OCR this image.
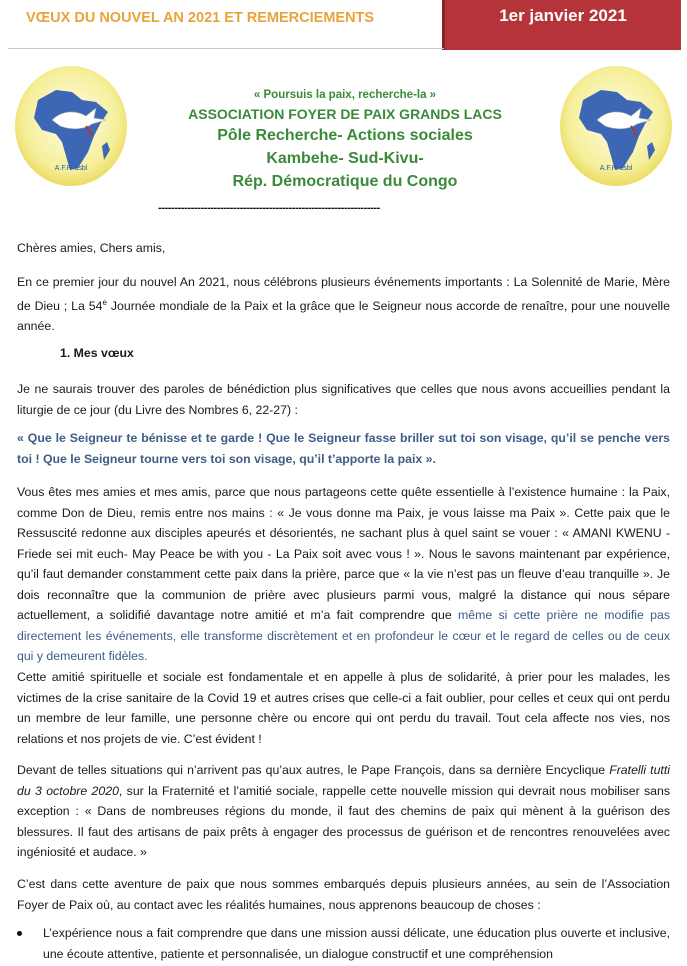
VŒUX DU NOUVEL AN 2021 ET REMERCIEMENTS	1er janvier 2021
A.F.P. asbl	A.F.P. asbl
« Poursuis la paix, recherche-la »
ASSOCIATION FOYER DE PAIX GRANDS LACS
Pôle Recherche- Actions sociales
Kambehe- Sud-Kivu-
Rép. Démocratique du Congo
--------------------------------------------------------------------
Chères amies, Chers amis,
En ce premier jour du nouvel An 2021, nous célébrons plusieurs événements importants : La Solennité de Marie, Mère de Dieu ; La 54e Journée mondiale de la Paix et la grâce que le Seigneur nous accorde de renaître, pour une nouvelle année.
1. Mes vœux
Je ne saurais trouver des paroles de bénédiction plus significatives que celles que nous avons accueillies pendant la liturgie de ce jour (du Livre des Nombres 6, 22-27) :
« Que le Seigneur te bénisse et te garde ! Que le Seigneur fasse briller sut toi son visage, qu’il se penche vers toi ! Que le Seigneur tourne vers toi son visage, qu’il t’apporte la paix ».
Vous êtes mes amies et mes amis, parce que nous partageons cette quête essentielle à l’existence humaine : la Paix, comme Don de Dieu, remis entre nos mains : « Je vous donne ma Paix, je vous laisse ma Paix ». Cette paix que le Ressuscité redonne aux disciples apeurés et désorientés, ne sachant plus à quel saint se vouer : « AMANI KWENU - Friede sei mit euch- May Peace be with you - La Paix soit avec vous ! ». Nous le savons maintenant par expérience, qu’il faut demander constamment cette paix dans la prière, parce que « la vie n’est pas un fleuve d’eau tranquille ». Je dois reconnaître que la communion de prière avec plusieurs parmi vous, malgré la distance qui nous sépare actuellement, a solidifié davantage notre amitié et m’a fait comprendre que même si cette prière ne modifie pas directement les événements, elle transforme discrètement et en profondeur le cœur et le regard de celles ou de ceux qui y demeurent fidèles.
Cette amitié spirituelle et sociale est fondamentale et en appelle à plus de solidarité, à prier pour les malades, les victimes de la crise sanitaire de la Covid 19 et autres crises que celle-ci a fait oublier, pour celles et ceux qui ont perdu un membre de leur famille, une personne chère ou encore qui ont perdu du travail. Tout cela affecte nos vies, nos relations et nos projets de vie. C’est évident !
Devant de telles situations qui n’arrivent pas qu’aux autres, le Pape François, dans sa dernière Encyclique Fratelli tutti du 3 octobre 2020, sur la Fraternité et l’amitié sociale, rappelle cette nouvelle mission qui devrait nous mobiliser sans exception : « Dans de nombreuses régions du monde, il faut des chemins de paix qui mènent à la guérison des blessures. Il faut des artisans de paix prêts à engager des processus de guérison et de rencontres renouvelées avec ingéniosité et audace. »
C’est dans cette aventure de paix que nous sommes embarqués depuis plusieurs années, au sein de l’Association Foyer de Paix où, au contact avec les réalités humaines, nous apprenons beaucoup de choses :
L’expérience nous a fait comprendre que dans une mission aussi délicate, une éducation plus ouverte et inclusive, une écoute attentive, patiente et personnalisée, un dialogue constructif et une compréhension
